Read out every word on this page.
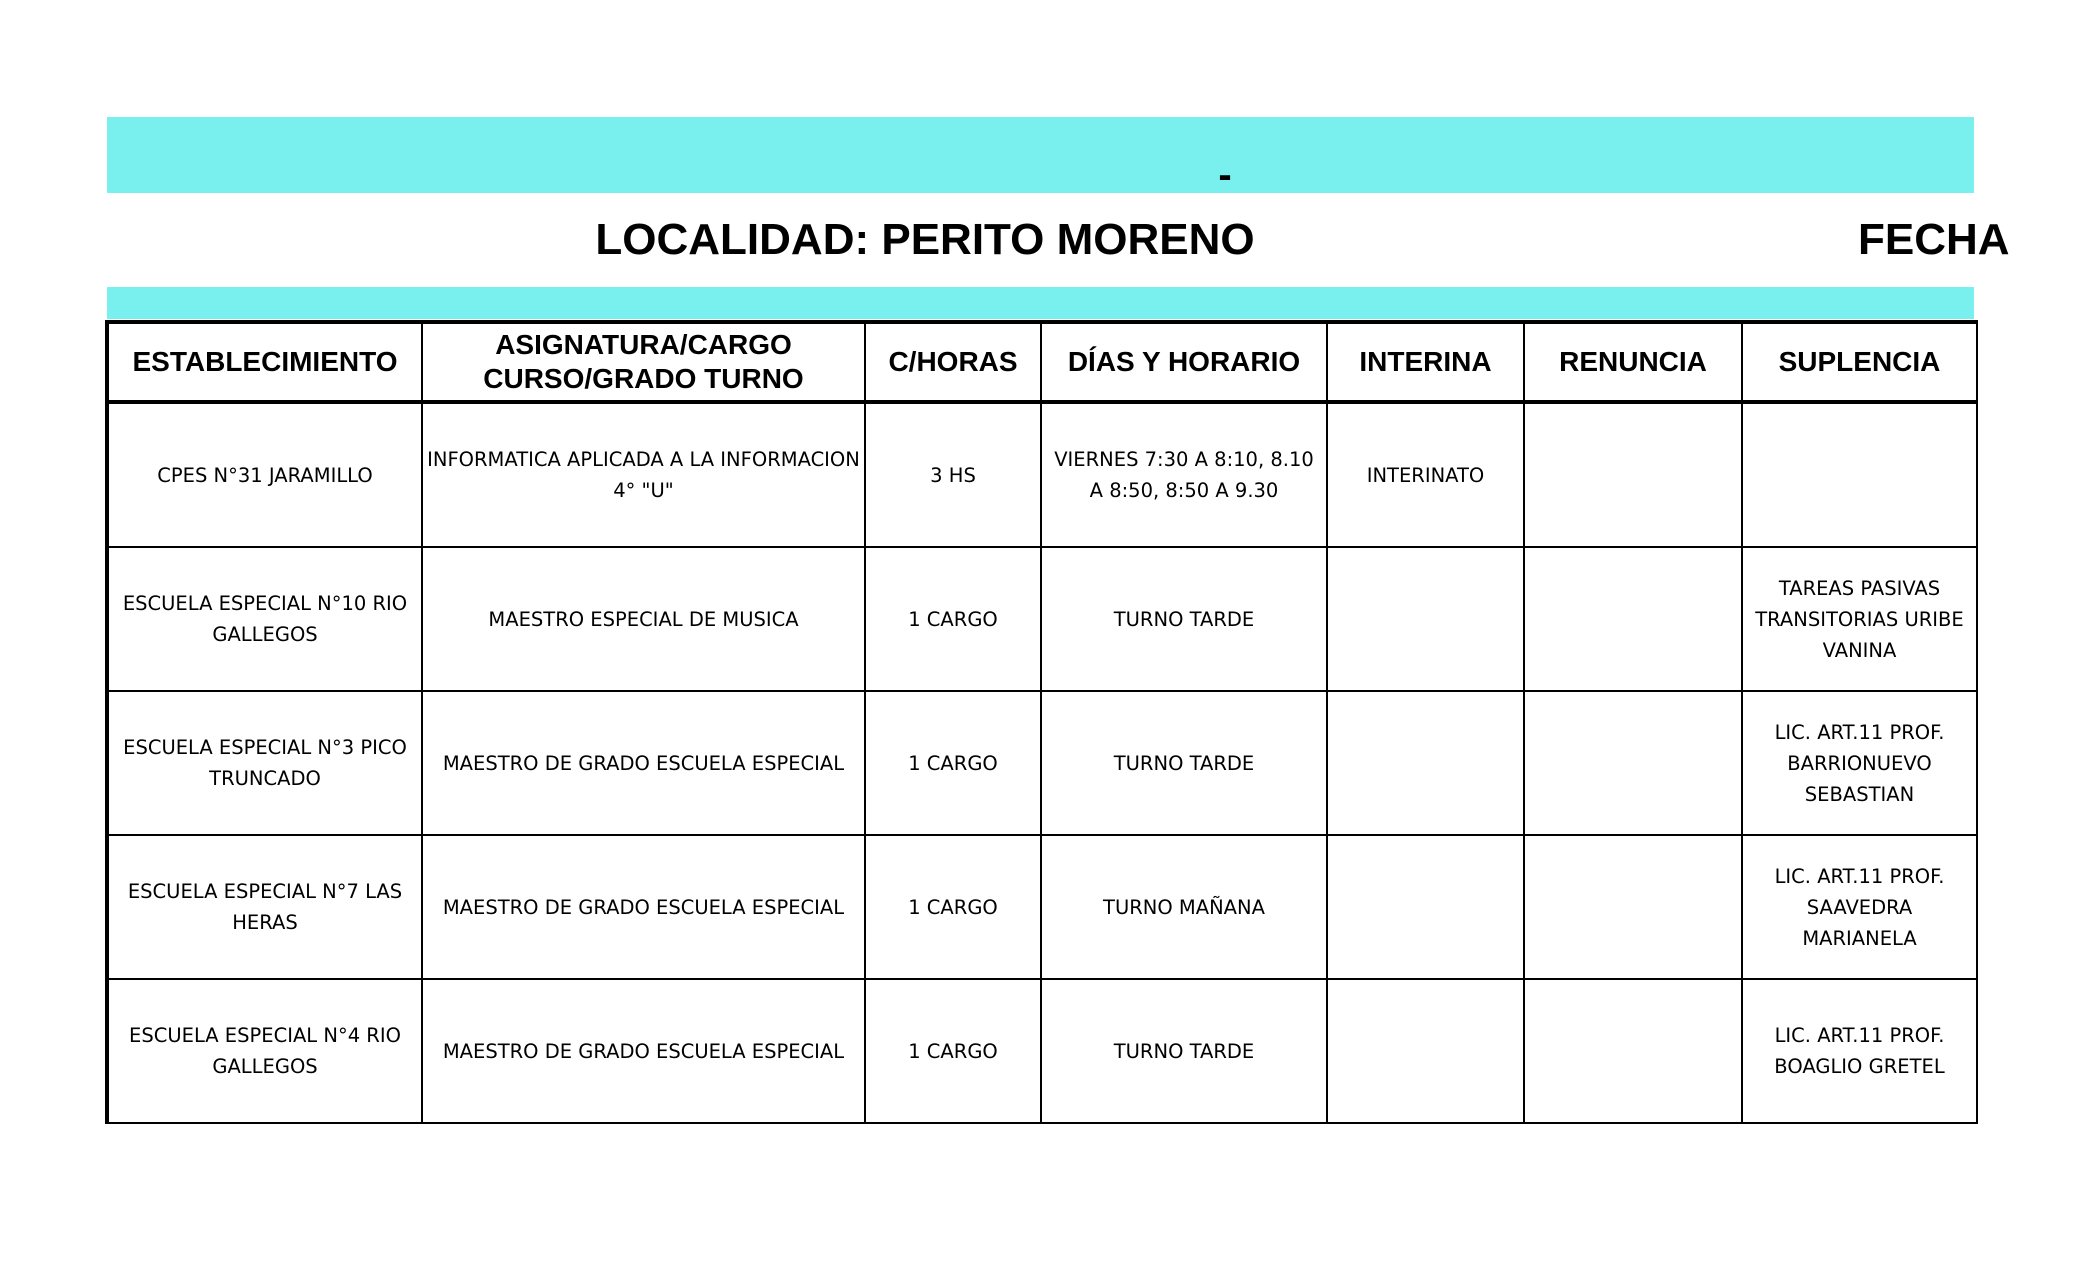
-
LOCALIDAD: PERITO MORENO	FECHA
ESTABLECIMIENTO	ASIGNATURA/CARGO CURSO/GRADO TURNO	C/HORAS	DÍAS Y HORARIO	INTERINA	RENUNCIA	SUPLENCIA
CPES N°31 JARAMILLO	INFORMATICA APLICADA A LA INFORMACION 4° "U"	3 HS	VIERNES 7:30 A 8:10, 8.10 A 8:50, 8:50 A 9.30	INTERINATO		
ESCUELA ESPECIAL N°10 RIO GALLEGOS	MAESTRO ESPECIAL DE MUSICA	1 CARGO	TURNO TARDE			TAREAS PASIVAS TRANSITORIAS URIBE VANINA
ESCUELA ESPECIAL N°3 PICO TRUNCADO	MAESTRO DE GRADO ESCUELA ESPECIAL	1 CARGO	TURNO TARDE			LIC. ART.11 PROF. BARRIONUEVO SEBASTIAN
ESCUELA ESPECIAL N°7 LAS HERAS	MAESTRO DE GRADO ESCUELA ESPECIAL	1 CARGO	TURNO MAÑANA			LIC. ART.11 PROF. SAAVEDRA MARIANELA
ESCUELA ESPECIAL N°4 RIO GALLEGOS	MAESTRO DE GRADO ESCUELA ESPECIAL	1 CARGO	TURNO TARDE			LIC. ART.11 PROF. BOAGLIO GRETEL
